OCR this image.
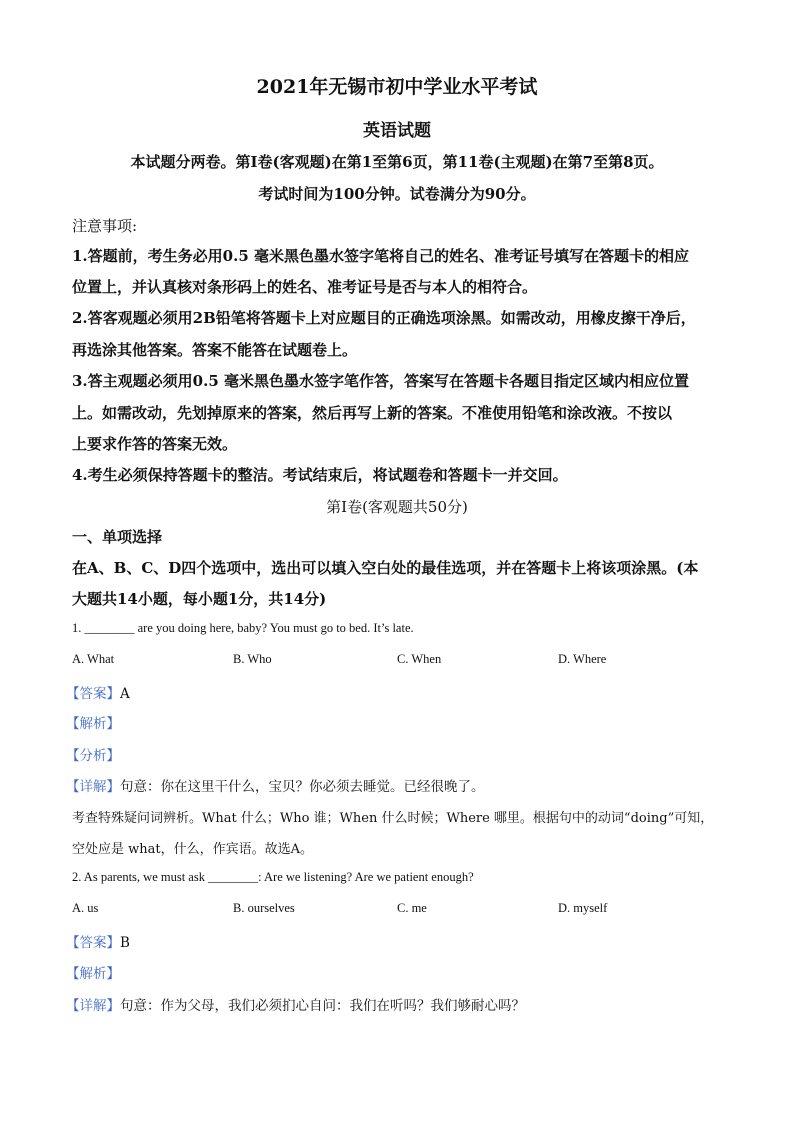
2021年无锡市初中学业水平考试
英语试题
本试题分两卷。第I卷(客观题)在第1至第6页，第11卷(主观题)在第7至第8页。
考试时间为100分钟。试卷满分为90分。
注意事项:
1.答题前，考生务必用0.5 毫米黑色墨水签字笔将自己的姓名、准考证号填写在答题卡的相应
位置上，并认真核对条形码上的姓名、准考证号是否与本人的相符合。
2.答客观题必须用2B铅笔将答题卡上对应题目的正确选项涂黑。如需改动，用橡皮擦干净后，
再选涂其他答案。答案不能答在试题卷上。
3.答主观题必须用0.5 毫米黑色墨水签字笔作答，答案写在答题卡各题目指定区域内相应位置
上。如需改动，先划掉原来的答案，然后再写上新的答案。不准使用铅笔和涂改液。不按以
上要求作答的答案无效。
4.考生必须保持答题卡的整洁。考试结束后，将试题卷和答题卡一并交回。
第I卷(客观题共50分)
一、单项选择
在A、B、C、D四个选项中，选出可以填入空白处的最佳选项，并在答题卡上将该项涂黑。(本
大题共14小题，每小题1分，共14分)
1. ________ are you doing here, baby? You must go to bed. It’s late.
A. What	B. Who	C. When	D. Where
【答案】A
【解析】
【分析】
【详解】句意：你在这里干什么，宝贝？你必须去睡觉。已经很晚了。
考查特殊疑问词辨析。What 什么；Who 谁；When 什么时候；Where 哪里。根据句中的动词“doing”可知，
空处应是 what，什么，作宾语。故选A。
2. As parents, we must ask ________: Are we listening? Are we patient enough?
A. us	B. ourselves	C. me	D. myself
【答案】B
【解析】
【详解】句意：作为父母，我们必须扪心自问：我们在听吗？我们够耐心吗？
